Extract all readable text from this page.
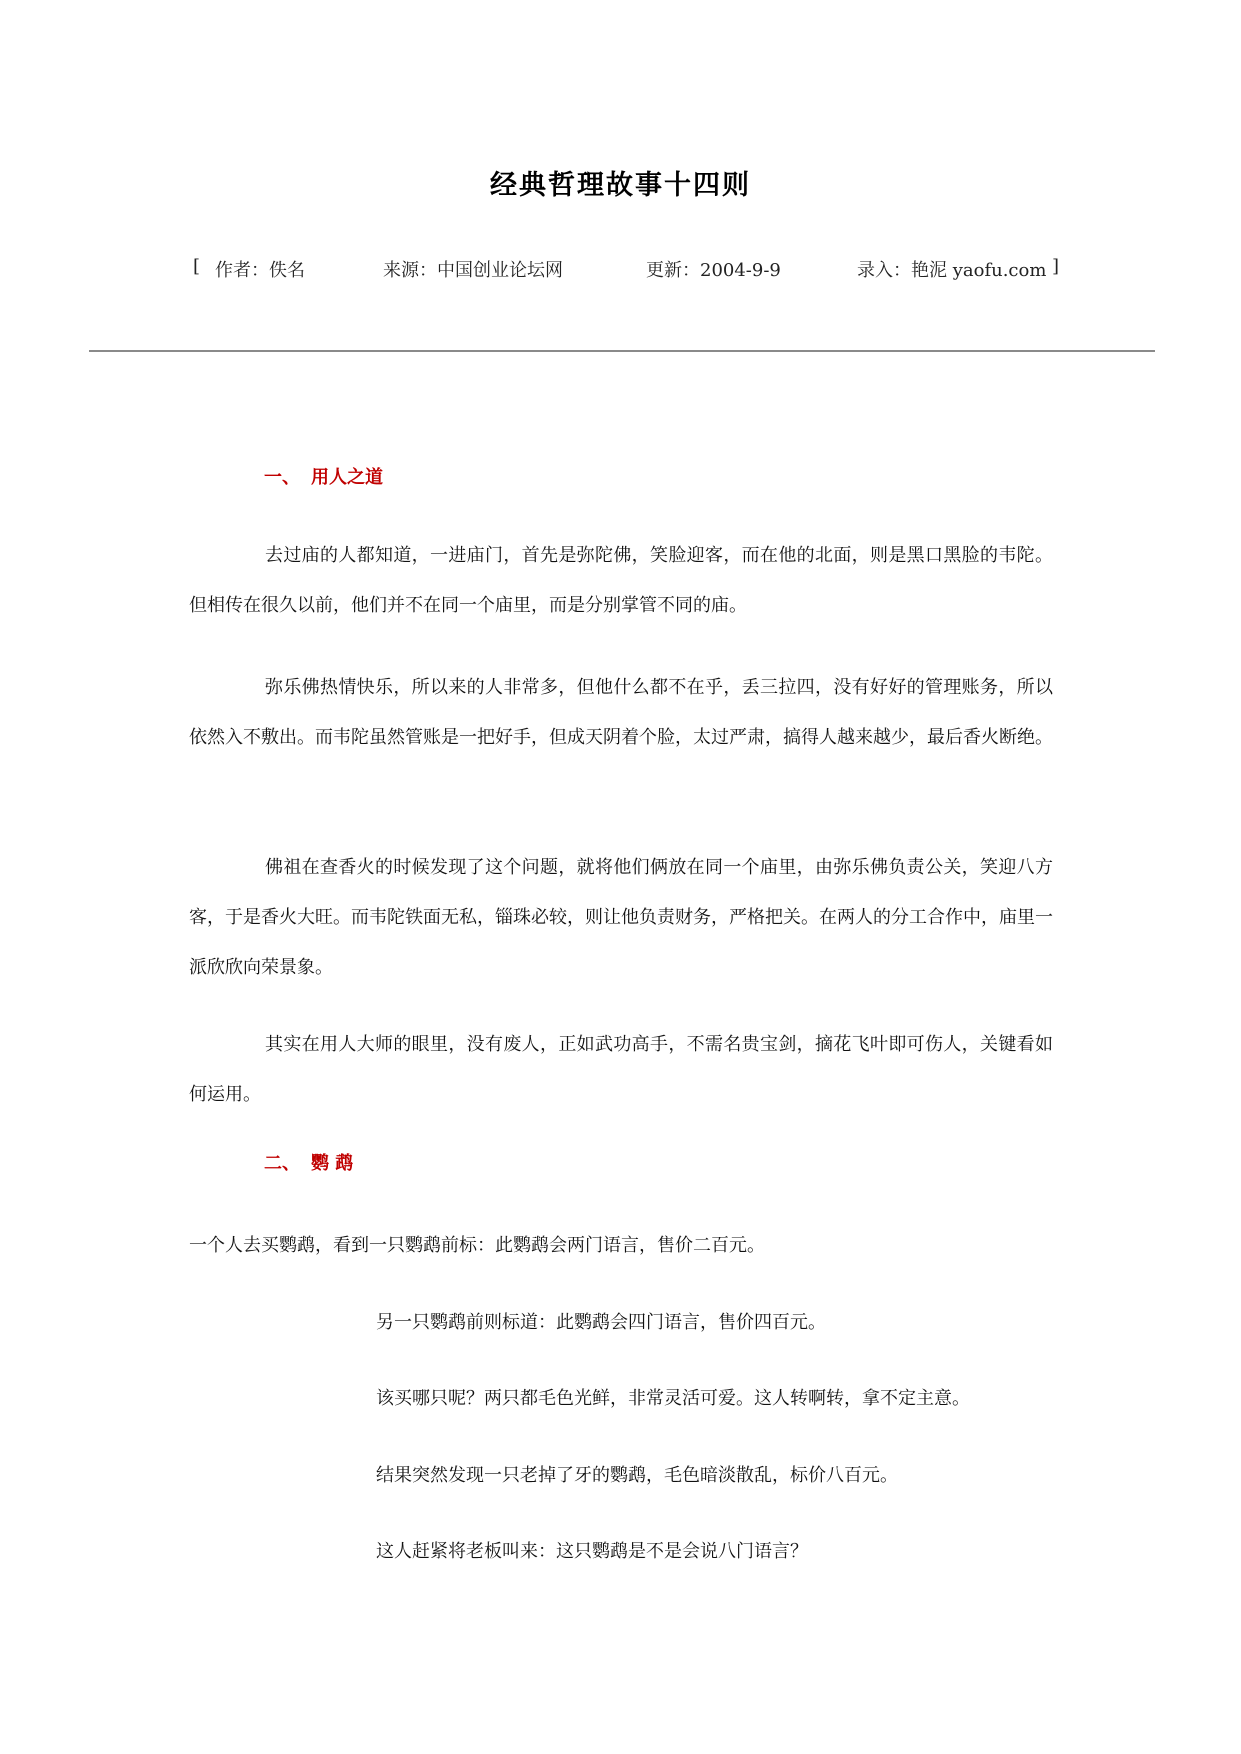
经典哲理故事十四则
[ 作者：佚名	来源：中国创业论坛网	更新：2004-9-9	录入：艳泥 yaofu.com ]
一、 用人之道

去过庙的人都知道，一进庙门，首先是弥陀佛，笑脸迎客，而在他的北面，则是黑口黑脸的韦陀。但相传在很久以前，他们并不在同一个庙里，而是分别掌管不同的庙。

弥乐佛热情快乐，所以来的人非常多，但他什么都不在乎，丢三拉四，没有好好的管理账务，所以依然入不敷出。而韦陀虽然管账是一把好手，但成天阴着个脸，太过严肃，搞得人越来越少，最后香火断绝。

佛祖在查香火的时候发现了这个问题，就将他们俩放在同一个庙里，由弥乐佛负责公关，笑迎八方客，于是香火大旺。而韦陀铁面无私，锱珠必较，则让他负责财务，严格把关。在两人的分工合作中，庙里一派欣欣向荣景象。

其实在用人大师的眼里，没有废人，正如武功高手，不需名贵宝剑，摘花飞叶即可伤人，关键看如何运用。

二、 鹦 鹉
一个人去买鹦鹉，看到一只鹦鹉前标：此鹦鹉会两门语言，售价二百元。
另一只鹦鹉前则标道：此鹦鹉会四门语言，售价四百元。
该买哪只呢？两只都毛色光鲜，非常灵活可爱。这人转啊转，拿不定主意。
结果突然发现一只老掉了牙的鹦鹉，毛色暗淡散乱，标价八百元。
这人赶紧将老板叫来：这只鹦鹉是不是会说八门语言？
